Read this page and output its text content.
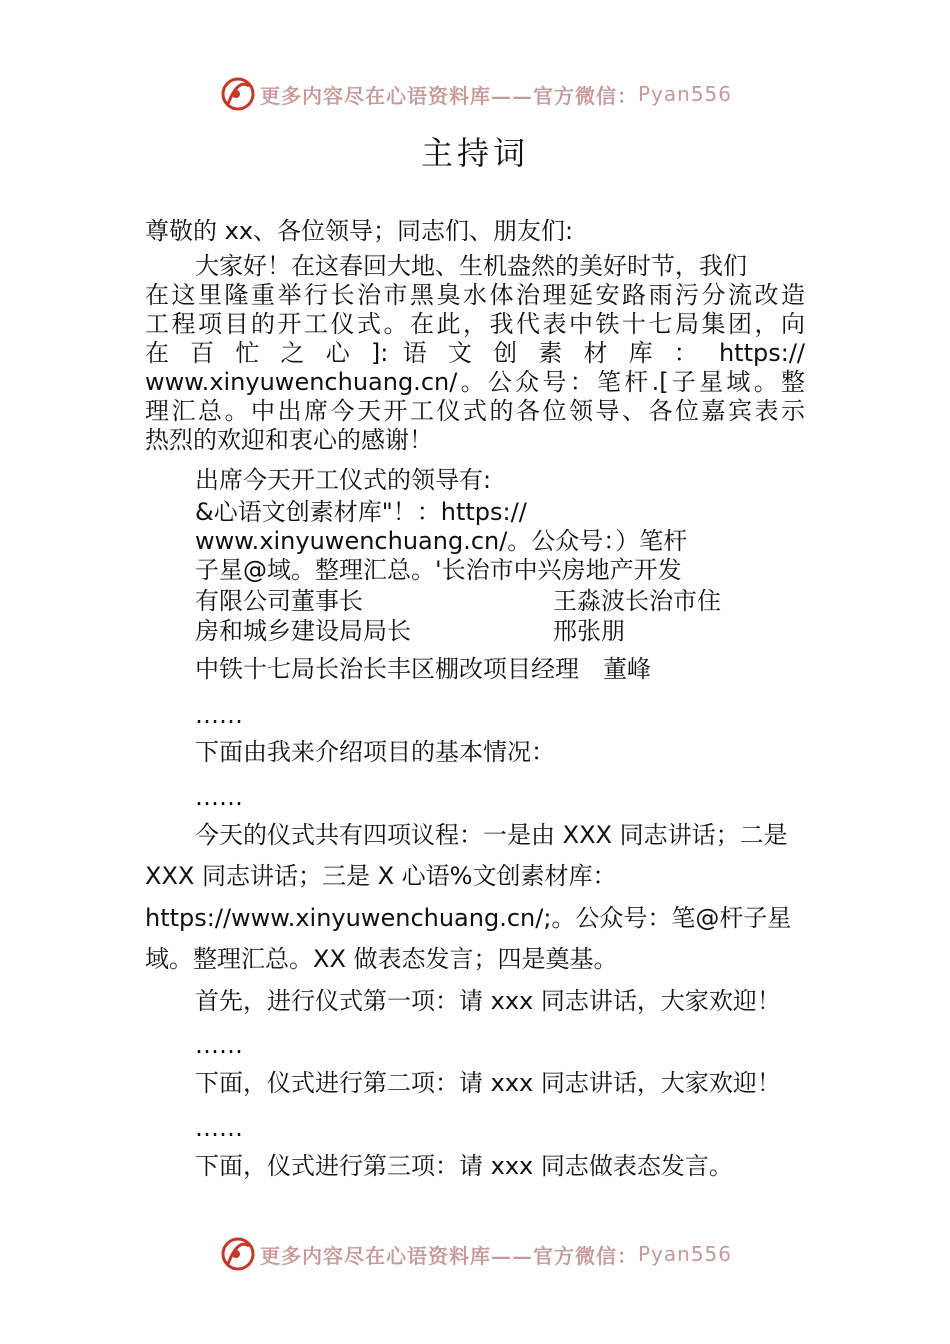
更多内容尽在心语资料库——官方微信： Pyan556
主持词
尊敬的 xx、各位领导；同志们、朋友们:
大家好！在这春回大地、生机盎然的美好时节，我们
在这里隆重举行长治市黑臭水体治理延安路雨污分流改造
工程项目的开工仪式。在此，我代表中铁十七局集团，向
在 百 忙 之 心 ]: 语 文 创 素 材 库 ： https://
www.xinyuwenchuang.cn/。公众号：笔杆.[子星域。整
理汇总。中出席今天开工仪式的各位领导、各位嘉宾表示
热烈的欢迎和衷心的感谢！
出席今天开工仪式的领导有:
&心语文创素材库"！：https://
www.xinyuwenchuang.cn/。公众号：）笔杆
子星@域。整理汇总。'长治市中兴房地产开发
有限公司董事长	王淼波长治市住
房和城乡建设局局长	邢张朋
中铁十七局长治长丰区棚改项目经理　董峰
……
下面由我来介绍项目的基本情况：
……
今天的仪式共有四项议程：一是由 XXX 同志讲话；二是
XXX 同志讲话；三是 X 心语%文创素材库：
https://www.xinyuwenchuang.cn/;。公众号：笔@杆子星
域。整理汇总。XX 做表态发言；四是奠基。
首先，进行仪式第一项：请 xxx 同志讲话，大家欢迎！
……
下面，仪式进行第二项：请 xxx 同志讲话，大家欢迎！
……
下面，仪式进行第三项：请 xxx 同志做表态发言。
更多内容尽在心语资料库——官方微信： Pyan556
